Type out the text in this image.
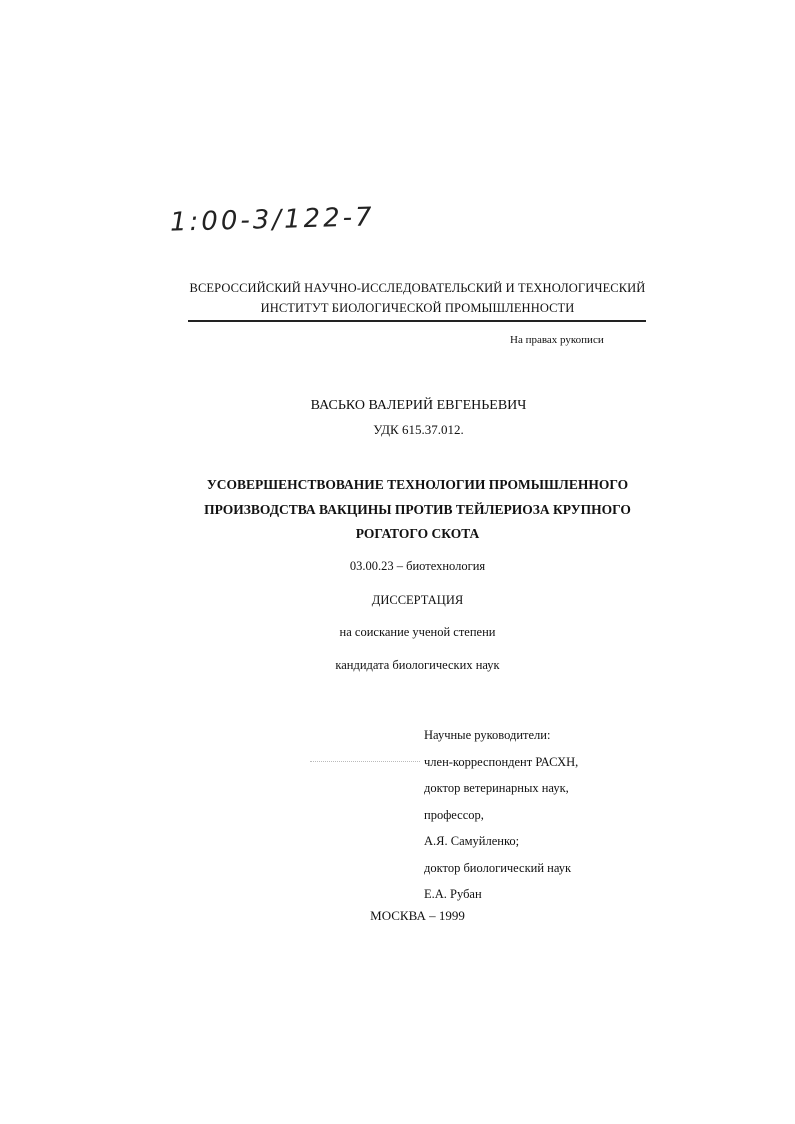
1:00-3/122-7
ВСЕРОССИЙСКИЙ НАУЧНО-ИССЛЕДОВАТЕЛЬСКИЙ И ТЕХНОЛОГИЧЕСКИЙ
ИНСТИТУТ БИОЛОГИЧЕСКОЙ ПРОМЫШЛЕННОСТИ
На правах рукописи
ВАСЬКО ВАЛЕРИЙ ЕВГЕНЬЕВИЧ
УДК 615.37.012.
УСОВЕРШЕНСТВОВАНИЕ ТЕХНОЛОГИИ ПРОМЫШЛЕННОГО
ПРОИЗВОДСТВА ВАКЦИНЫ ПРОТИВ ТЕЙЛЕРИОЗА КРУПНОГО
РОГАТОГО СКОТА
03.00.23 – биотехнология
ДИССЕРТАЦИЯ
на соискание ученой степени
кандидата биологических наук
Научные руководители:
член-корреспондент РАСХН,
доктор ветеринарных наук,
профессор,
А.Я. Самуйленко;
доктор биологический наук
Е.А. Рубан
МОСКВА – 1999
